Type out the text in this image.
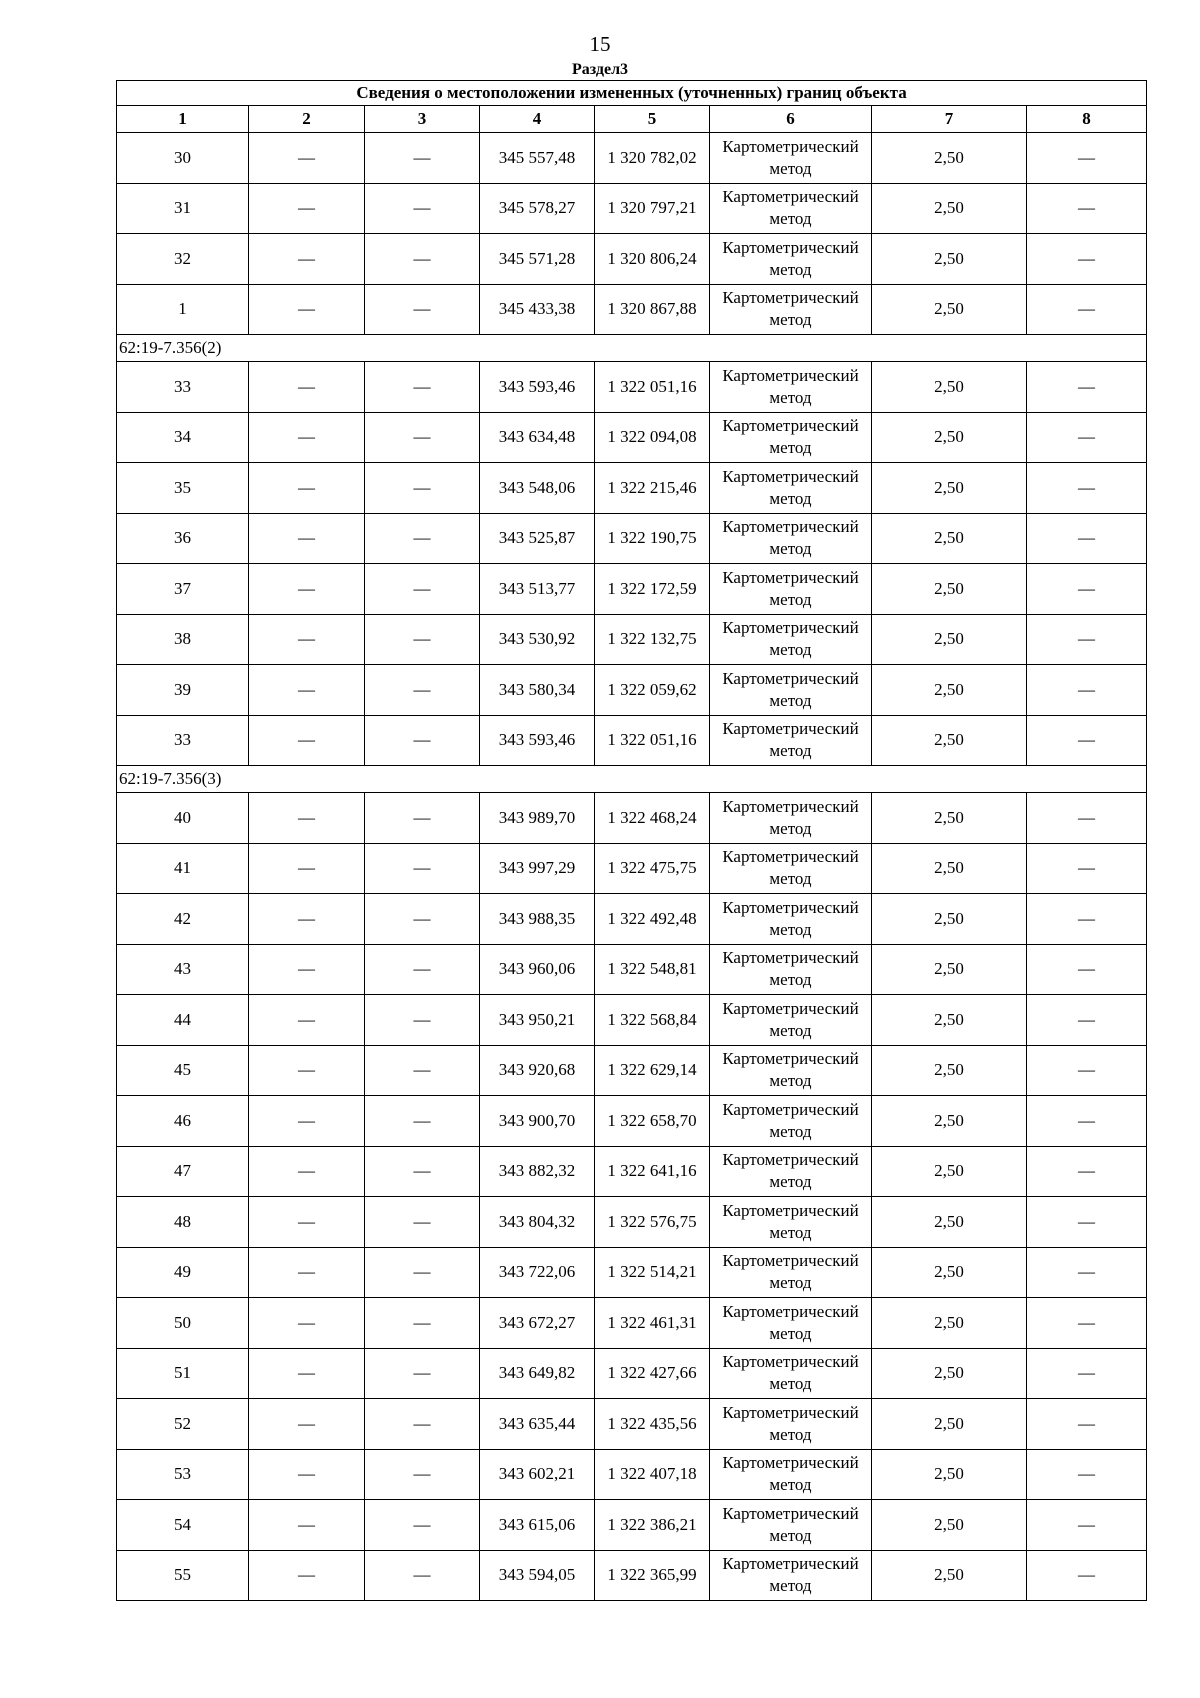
15
Раздел3
Сведения о местоположении измененных (уточненных) границ объекта							
1	2	3	4	5	6	7	8
30	—	—	345 557,48	1 320 782,02	Картометрический метод	2,50	—
31	—	—	345 578,27	1 320 797,21	Картометрический метод	2,50	—
32	—	—	345 571,28	1 320 806,24	Картометрический метод	2,50	—
1	—	—	345 433,38	1 320 867,88	Картометрический метод	2,50	—
62:19-7.356(2)							
33	—	—	343 593,46	1 322 051,16	Картометрический метод	2,50	—
34	—	—	343 634,48	1 322 094,08	Картометрический метод	2,50	—
35	—	—	343 548,06	1 322 215,46	Картометрический метод	2,50	—
36	—	—	343 525,87	1 322 190,75	Картометрический метод	2,50	—
37	—	—	343 513,77	1 322 172,59	Картометрический метод	2,50	—
38	—	—	343 530,92	1 322 132,75	Картометрический метод	2,50	—
39	—	—	343 580,34	1 322 059,62	Картометрический метод	2,50	—
33	—	—	343 593,46	1 322 051,16	Картометрический метод	2,50	—
62:19-7.356(3)							
40	—	—	343 989,70	1 322 468,24	Картометрический метод	2,50	—
41	—	—	343 997,29	1 322 475,75	Картометрический метод	2,50	—
42	—	—	343 988,35	1 322 492,48	Картометрический метод	2,50	—
43	—	—	343 960,06	1 322 548,81	Картометрический метод	2,50	—
44	—	—	343 950,21	1 322 568,84	Картометрический метод	2,50	—
45	—	—	343 920,68	1 322 629,14	Картометрический метод	2,50	—
46	—	—	343 900,70	1 322 658,70	Картометрический метод	2,50	—
47	—	—	343 882,32	1 322 641,16	Картометрический метод	2,50	—
48	—	—	343 804,32	1 322 576,75	Картометрический метод	2,50	—
49	—	—	343 722,06	1 322 514,21	Картометрический метод	2,50	—
50	—	—	343 672,27	1 322 461,31	Картометрический метод	2,50	—
51	—	—	343 649,82	1 322 427,66	Картометрический метод	2,50	—
52	—	—	343 635,44	1 322 435,56	Картометрический метод	2,50	—
53	—	—	343 602,21	1 322 407,18	Картометрический метод	2,50	—
54	—	—	343 615,06	1 322 386,21	Картометрический метод	2,50	—
55	—	—	343 594,05	1 322 365,99	Картометрический метод	2,50	—
